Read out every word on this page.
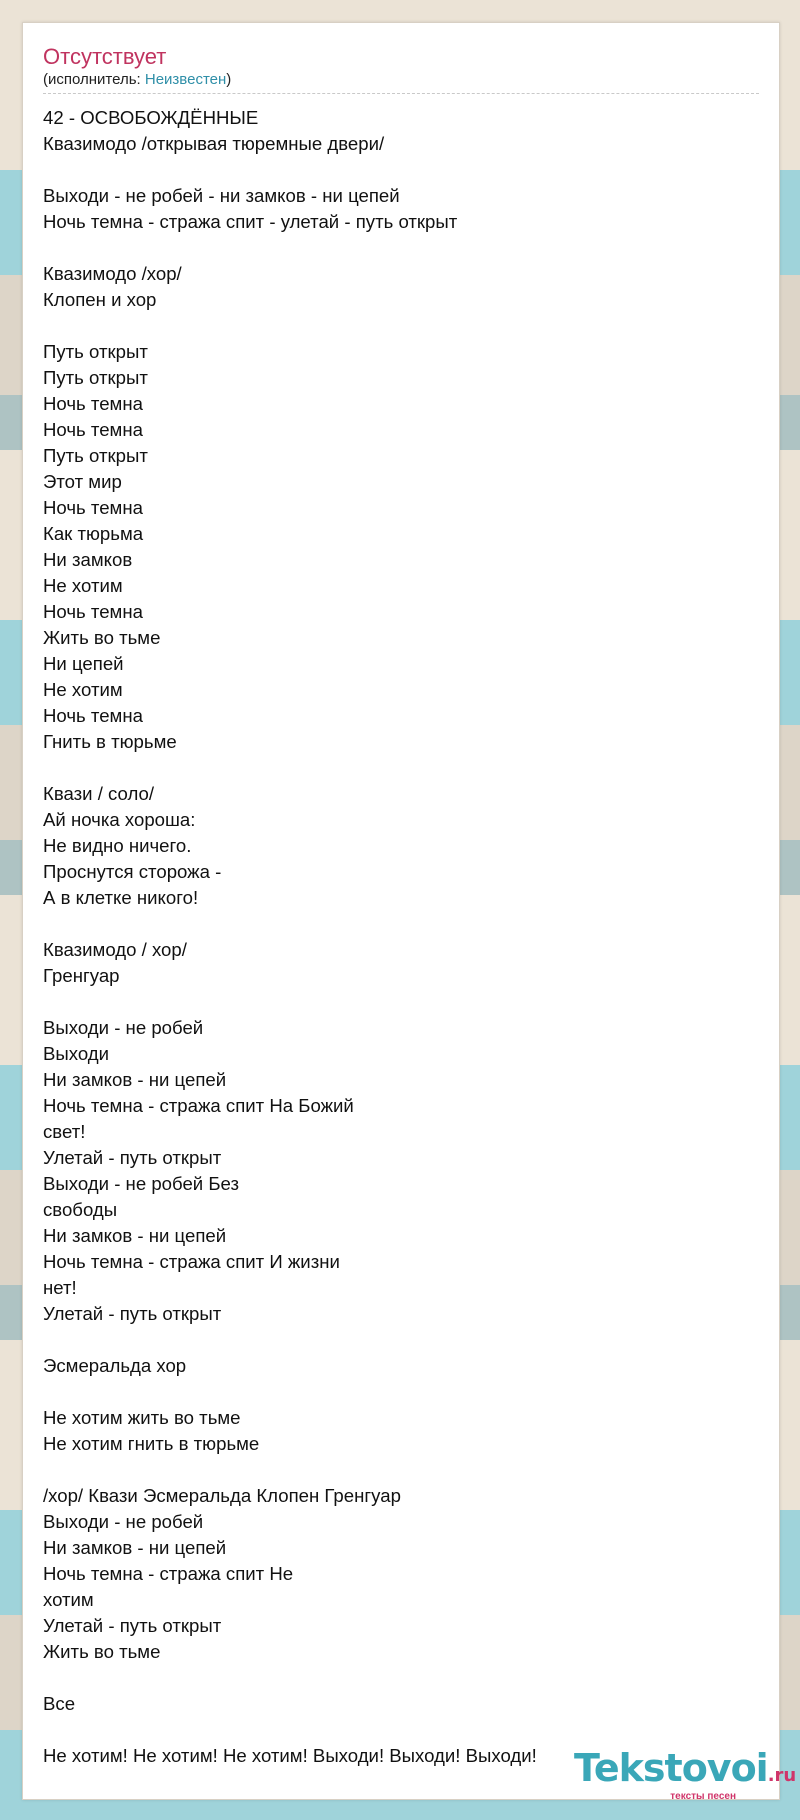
Отсутствует
(исполнитель: Неизвестен)
42 - ОСВОБОЖДЁННЫЕ
Квазимодо /открывая тюремные двери/

Выходи - не робей - ни замков - ни цепей
Ночь темна - стража спит - улетай - путь открыт

Квазимодо /хор/
Клопен и хор

Путь открыт
Путь открыт
Ночь темна
Ночь темна
Путь открыт
Этот мир
Ночь темна
Как тюрьма
Ни замков
Не хотим
Ночь темна
Жить во тьме
Ни цепей
Не хотим
Ночь темна
Гнить в тюрьме

Квази / соло/
Ай ночка хороша:
Не видно ничего.
Проснутся сторожа -
А в клетке никого!

Квазимодо / хор/
Гренгуар

Выходи - не робей
Выходи
Ни замков - ни цепей
Ночь темна - стража спит На Божий
свет!
Улетай - путь открыт
Выходи - не робей Без
свободы
Ни замков - ни цепей
Ночь темна - стража спит И жизни
нет!
Улетай - путь открыт

Эсмеральда хор

Не хотим жить во тьме
Не хотим гнить в тюрьме

/хор/ Квази Эсмеральда Клопен Гренгуар
Выходи - не робей
Ни замков - ни цепей
Ночь темна - стража спит Не
хотим
Улетай - путь открыт
Жить во тьме

Все

Не хотим! Не хотим! Не хотим! Выходи! Выходи! Выходи! Tekstovoi.ru
тексты песен
